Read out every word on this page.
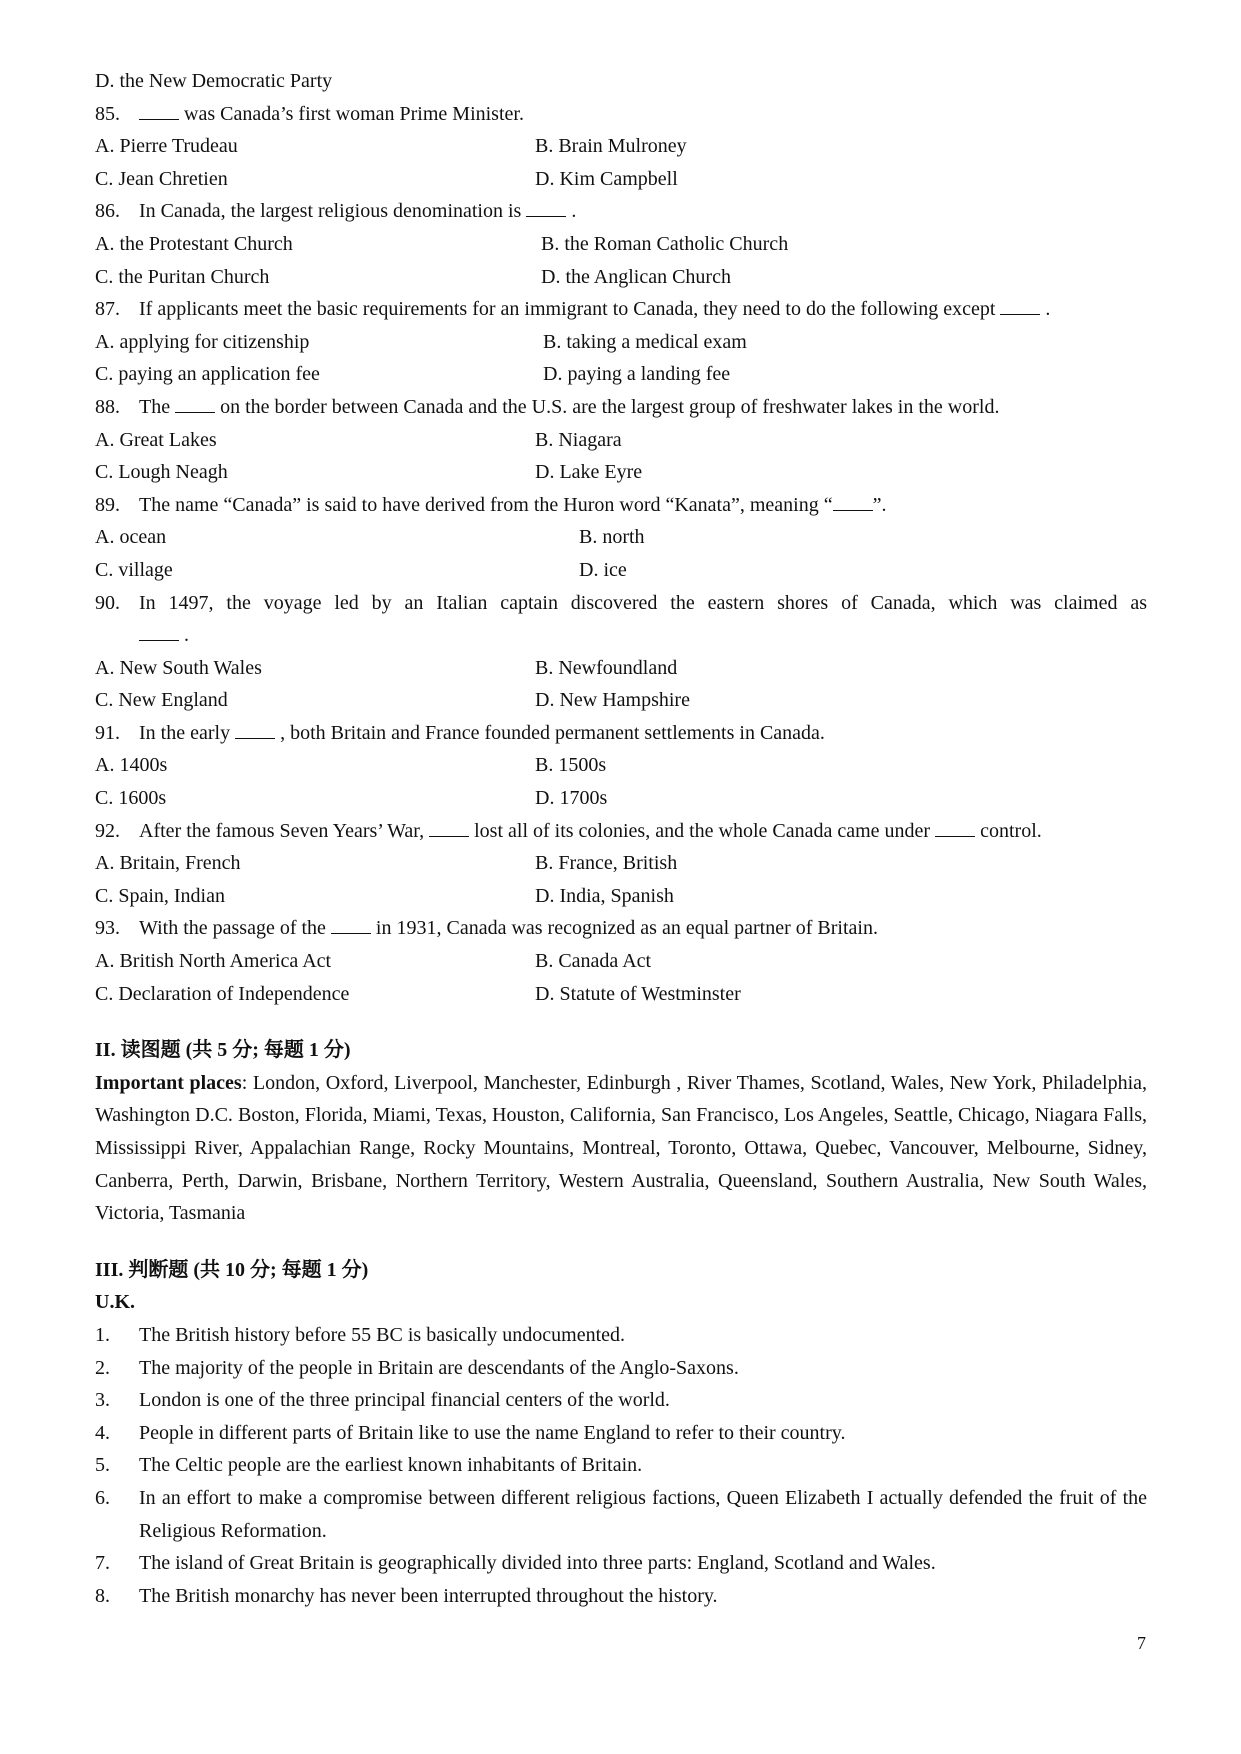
D. the New Democratic Party
85.	was Canada’s first woman Prime Minister.
A. Pierre Trudeau	B. Brain Mulroney
C. Jean Chretien	D. Kim Campbell
86. In Canada, the largest religious denomination is  .
A. the Protestant Church	B. the Roman Catholic Church
C. the Puritan Church	D. the Anglican Church
87. If applicants meet the basic requirements for an immigrant to Canada, they need to do the following except  .
A. applying for citizenship	B. taking a medical exam
C. paying an application fee	D. paying a landing fee
88. The  on the border between Canada and the U.S. are the largest group of freshwater lakes in the world.
A. Great Lakes	B. Niagara
C. Lough Neagh	D. Lake Eyre
89. The name “Canada” is said to have derived from the Huron word “Kanata”, meaning “ ”.
A. ocean	B. north
C. village	D. ice
90. In 1497, the voyage led by an Italian captain discovered the eastern shores of Canada, which was claimed as
.
A. New South Wales	B. Newfoundland
C. New England	D. New Hampshire
91. In the early  , both Britain and France founded permanent settlements in Canada.
A. 1400s	B. 1500s
C. 1600s	D. 1700s
92. After the famous Seven Years’ War,  lost all of its colonies, and the whole Canada came under  control.
A. Britain, French	B. France, British
C. Spain, Indian	D. India, Spanish
93. With the passage of the  in 1931, Canada was recognized as an equal partner of Britain.
A. British North America Act	B. Canada Act
C. Declaration of Independence	D. Statute of Westminster
II. 读图题 (共 5 分; 每题 1 分)
Important places: London, Oxford, Liverpool, Manchester, Edinburgh , River Thames, Scotland, Wales, New York, Philadelphia, Washington D.C. Boston, Florida, Miami, Texas, Houston, California, San Francisco, Los Angeles, Seattle, Chicago, Niagara Falls, Mississippi River, Appalachian Range, Rocky Mountains, Montreal, Toronto, Ottawa, Quebec, Vancouver, Melbourne, Sidney, Canberra, Perth, Darwin, Brisbane, Northern Territory, Western Australia, Queensland, Southern Australia, New South Wales, Victoria, Tasmania
III. 判断题 (共 10 分; 每题 1 分)
U.K.
1.	The British history before 55 BC is basically undocumented.
2.	The majority of the people in Britain are descendants of the Anglo-Saxons.
3.	London is one of the three principal financial centers of the world.
4.	People in different parts of Britain like to use the name England to refer to their country.
5.	The Celtic people are the earliest known inhabitants of Britain.
6.	In an effort to make a compromise between different religious factions, Queen Elizabeth I actually defended the fruit of the Religious Reformation.
7.	The island of Great Britain is geographically divided into three parts: England, Scotland and Wales.
8.	The British monarchy has never been interrupted throughout the history.
7
